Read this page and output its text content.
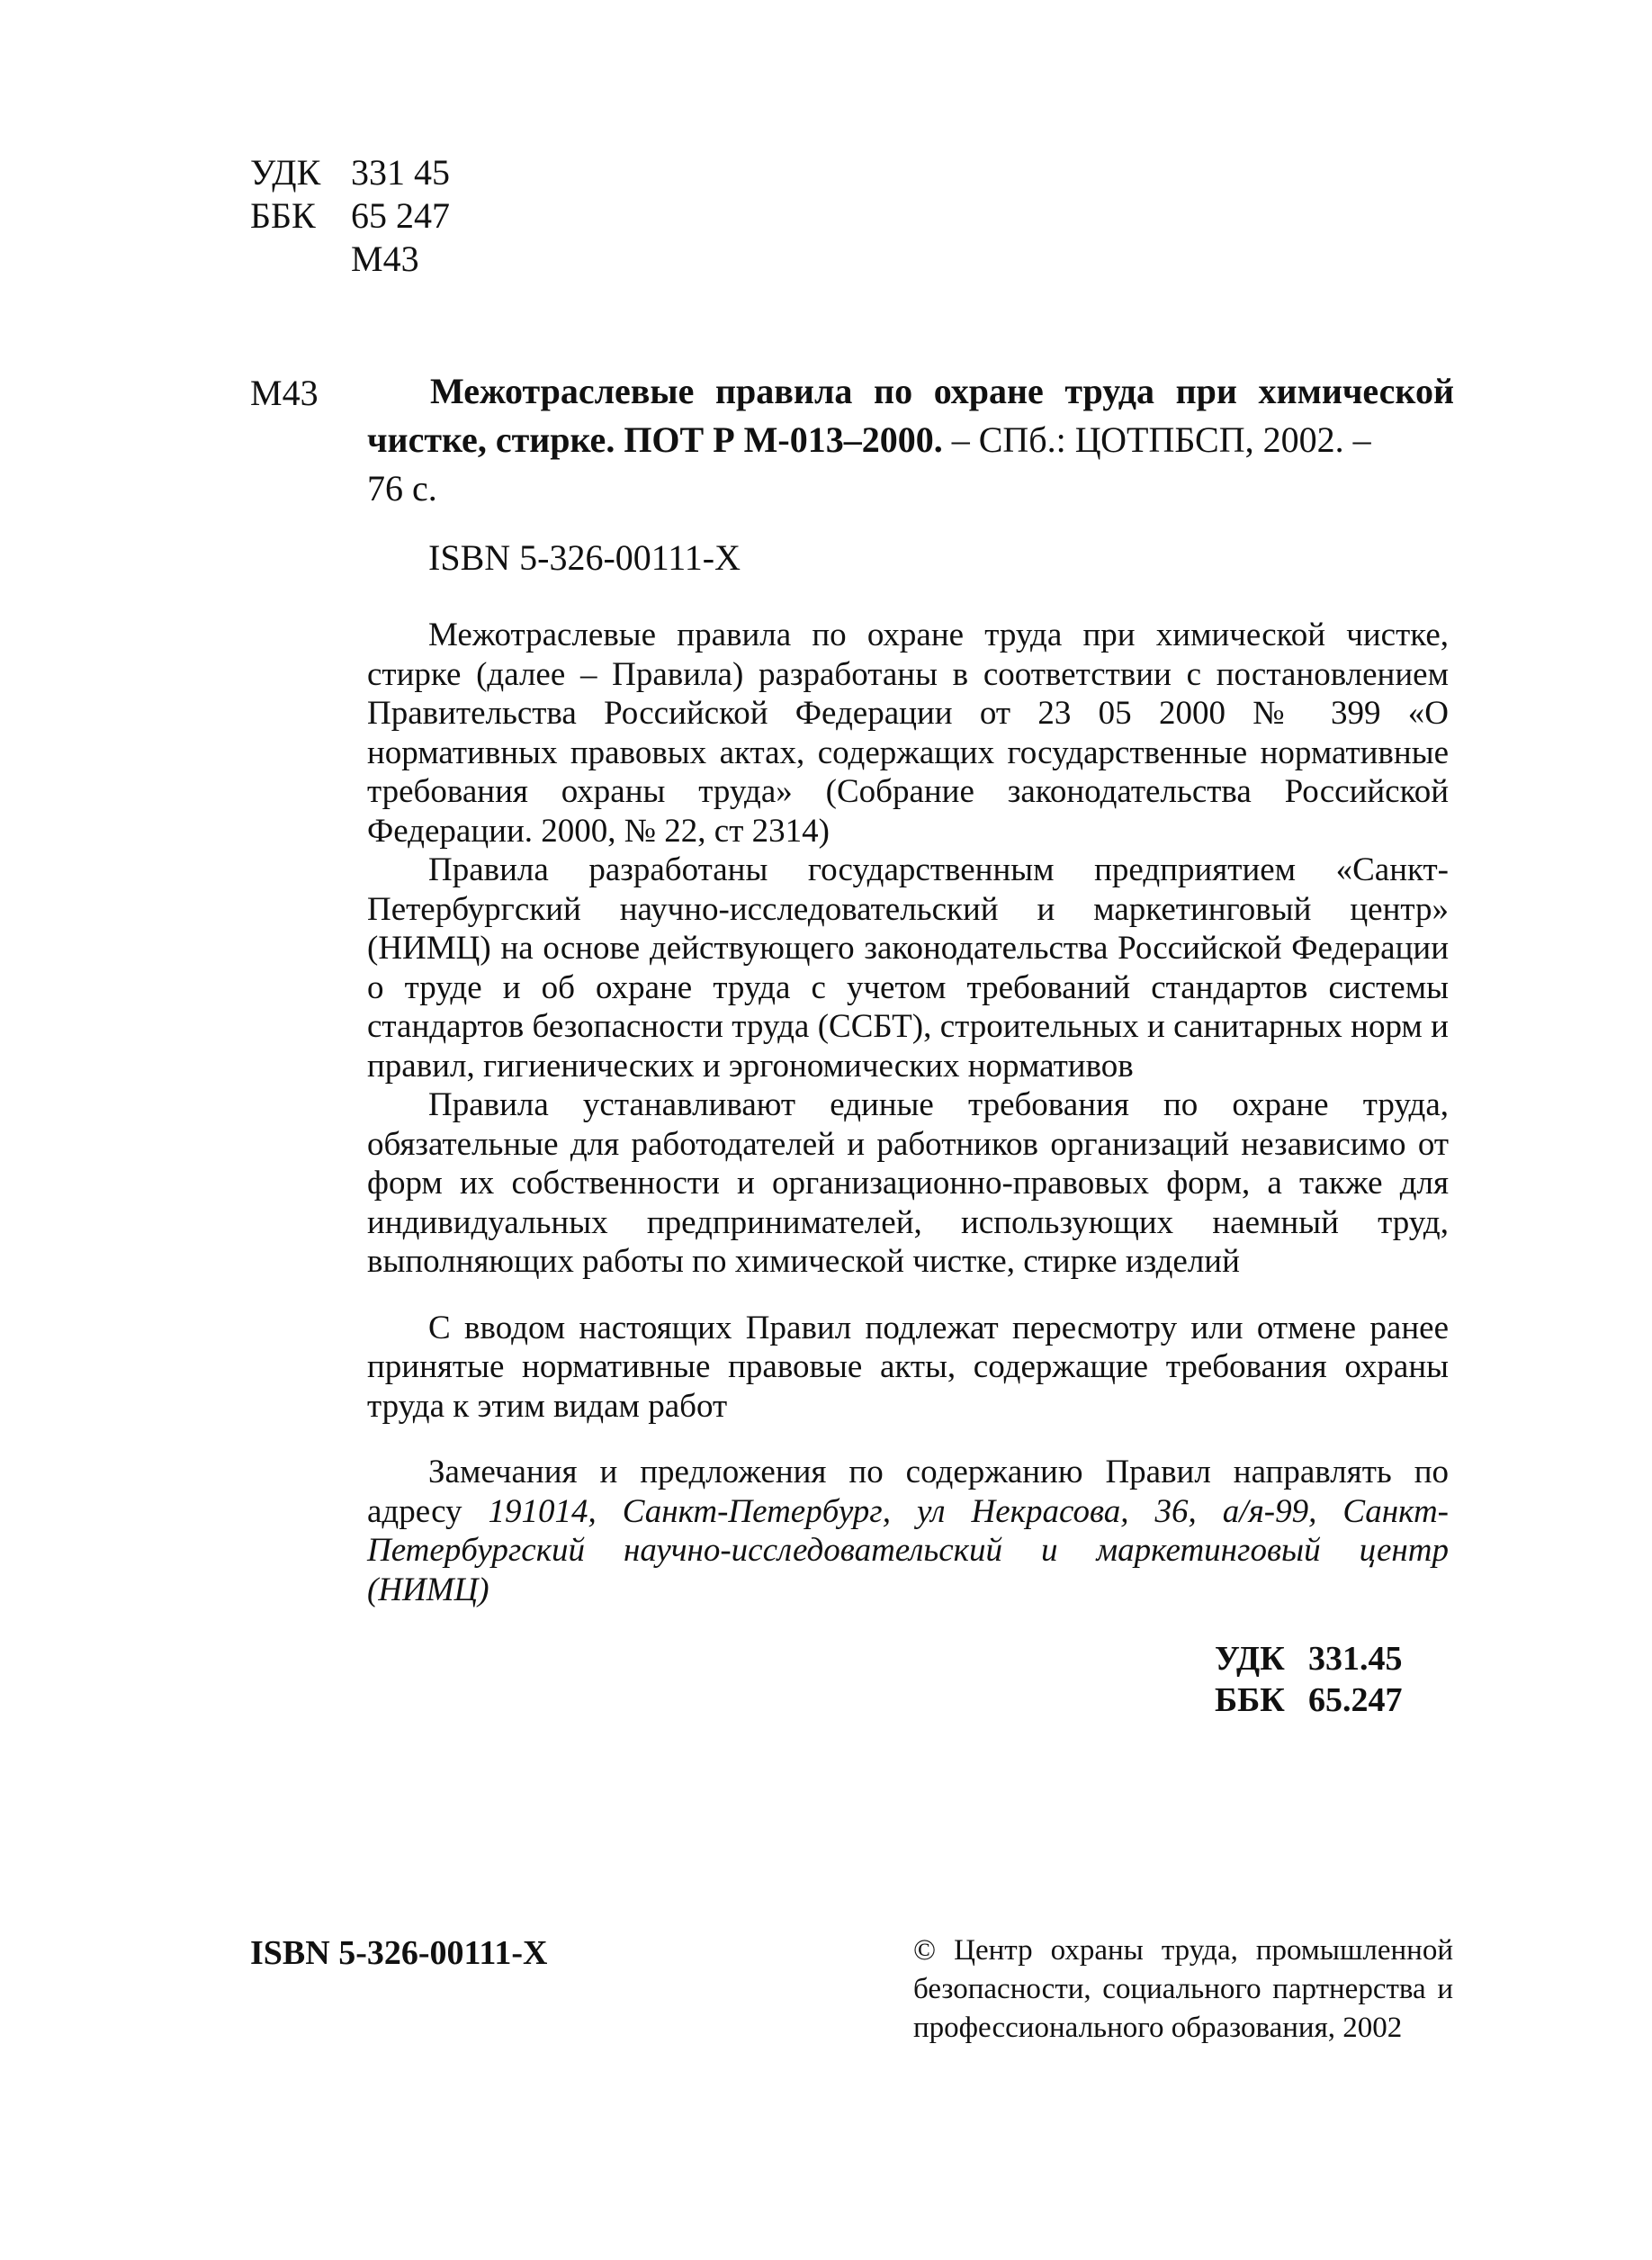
УДК 331 45
ББК 65 247
М43
М43	Межотраслевые правила по охране труда при химической чистке, стирке. ПОТ Р М-013–2000. – СПб.: ЦОТПБСП, 2002. –
76 с.
ISBN 5-326-00111-X

Межотраслевые правила по охране труда при химической чистке, стирке (далее – Правила) разработаны в соответствии с постановлением Правительства Российской Федерации от 23 05 2000 № 399 «О нормативных правовых актах, содержащих государственные нормативные требования охраны труда» (Собрание законодательства Российской Федерации. 2000, № 22, ст 2314)

Правила разработаны государственным предприятием «Санкт-Петербургский научно-исследовательский и маркетинговый центр» (НИМЦ) на основе действующего законодательства Российской Федерации о труде и об охране труда с учетом требований стандартов системы стандартов безопасности труда (ССБТ), строительных и санитарных норм и правил, гигиенических и эргономических нормативов

Правила устанавливают единые требования по охране труда, обязательные для работодателей и работников организаций независимо от форм их собственности и организационно-правовых форм, а также для индивидуальных предпринимателей, использующих наемный труд, выполняющих работы по химической чистке, стирке изделий

С вводом настоящих Правил подлежат пересмотру или отмене ранее принятые нормативные правовые акты, содержащие требования охраны труда к этим видам работ

Замечания и предложения по содержанию Правил направлять по адресу 191014, Санкт-Петербург, ул Некрасова, 36, а/я-99, Санкт-Петербургский научно-исследовательский и маркетинговый центр (НИМЦ)

УДК 331.45
ББК 65.247
ISBN 5-326-00111-X	© Центр охраны труда, промышленной безопасности, социального партнерства и профессионального образования, 2002
